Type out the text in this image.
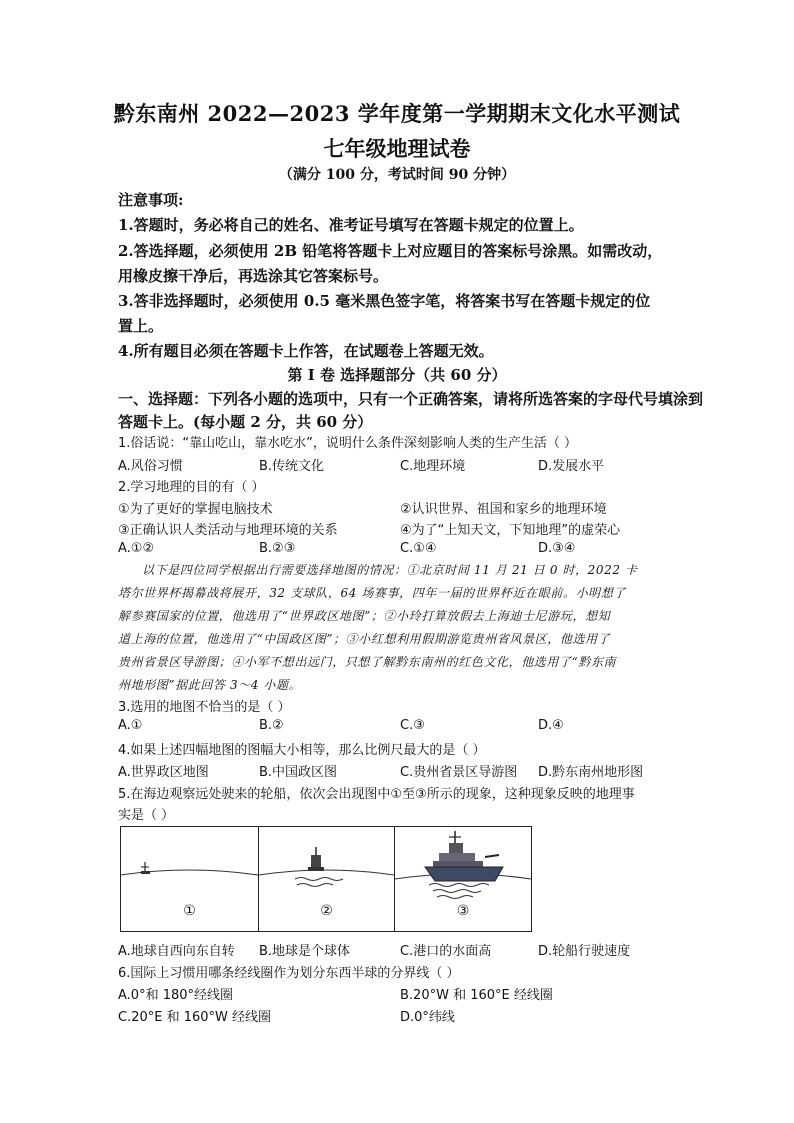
黔东南州 2022—2023 学年度第一学期期末文化水平测试
七年级地理试卷
（满分 100 分，考试时间 90 分钟）
注意事项:
1.答题时，务必将自己的姓名、准考证号填写在答题卡规定的位置上。
2.答选择题，必须使用 2B 铅笔将答题卡上对应题目的答案标号涂黑。如需改动，
用橡皮擦干净后，再选涂其它答案标号。
3.答非选择题时，必须使用 0.5 毫米黑色签字笔，将答案书写在答题卡规定的位
置上。
4.所有题目必须在答题卡上作答，在试题卷上答题无效。
第 I 卷 选择题部分（共 60 分）
一、选择题：下列各小题的选项中，只有一个正确答案，请将所选答案的字母代号填涂到
答题卡上。(每小题 2 分，共 60 分）
1.俗话说：“靠山吃山，靠水吃水”，说明什么条件深刻影响人类的生产生活（ ）
A.风俗习惯	B.传统文化	C.地理环境	D.发展水平
2.学习地理的目的有（ ）
①为了更好的掌握电脑技术	②认识世界、祖国和家乡的地理环境
③正确认识人类活动与地理环境的关系	④为了“上知天文，下知地理”的虚荣心
A.①②	B.②③	C.①④	D.③④
以下是四位同学根据出行需要选择地图的情况：①北京时间 11 月 21 日 0 时，2022 卡
塔尔世界杯揭幕战将展开，32 支球队，64 场赛事，四年一届的世界杯近在眼前。小明想了
解参赛国家的位置，他选用了“世界政区地图”；②小玲打算放假去上海迪士尼游玩，想知
道上海的位置，他选用了“中国政区图”；③小红想利用假期游览贵州省风景区，他选用了
贵州省景区导游图；④小军不想出远门，只想了解黔东南州的红色文化，他选用了“黔东南
州地形图”据此回答 3～4 小题。
3.选用的地图不恰当的是（ ）
A.①	B.②	C.③	D.④
4.如果上述四幅地图的图幅大小相等，那么比例尺最大的是（ ）
A.世界政区地图	B.中国政区图	C.贵州省景区导游图 D.黔东南州地形图
5.在海边观察远处驶来的轮船，依次会出现图中①至③所示的现象，这种现象反映的地理事
实是（ ）
①	②	③
A.地球自西向东自转 B.地球是个球体	C.港口的水面高	D.轮船行驶速度
6.国际上习惯用哪条经线圈作为划分东西半球的分界线（ ）
A.0°和 180°经线圈	B.20°W 和 160°E 经线圈
C.20°E 和 160°W 经线圈	D.0°纬线
